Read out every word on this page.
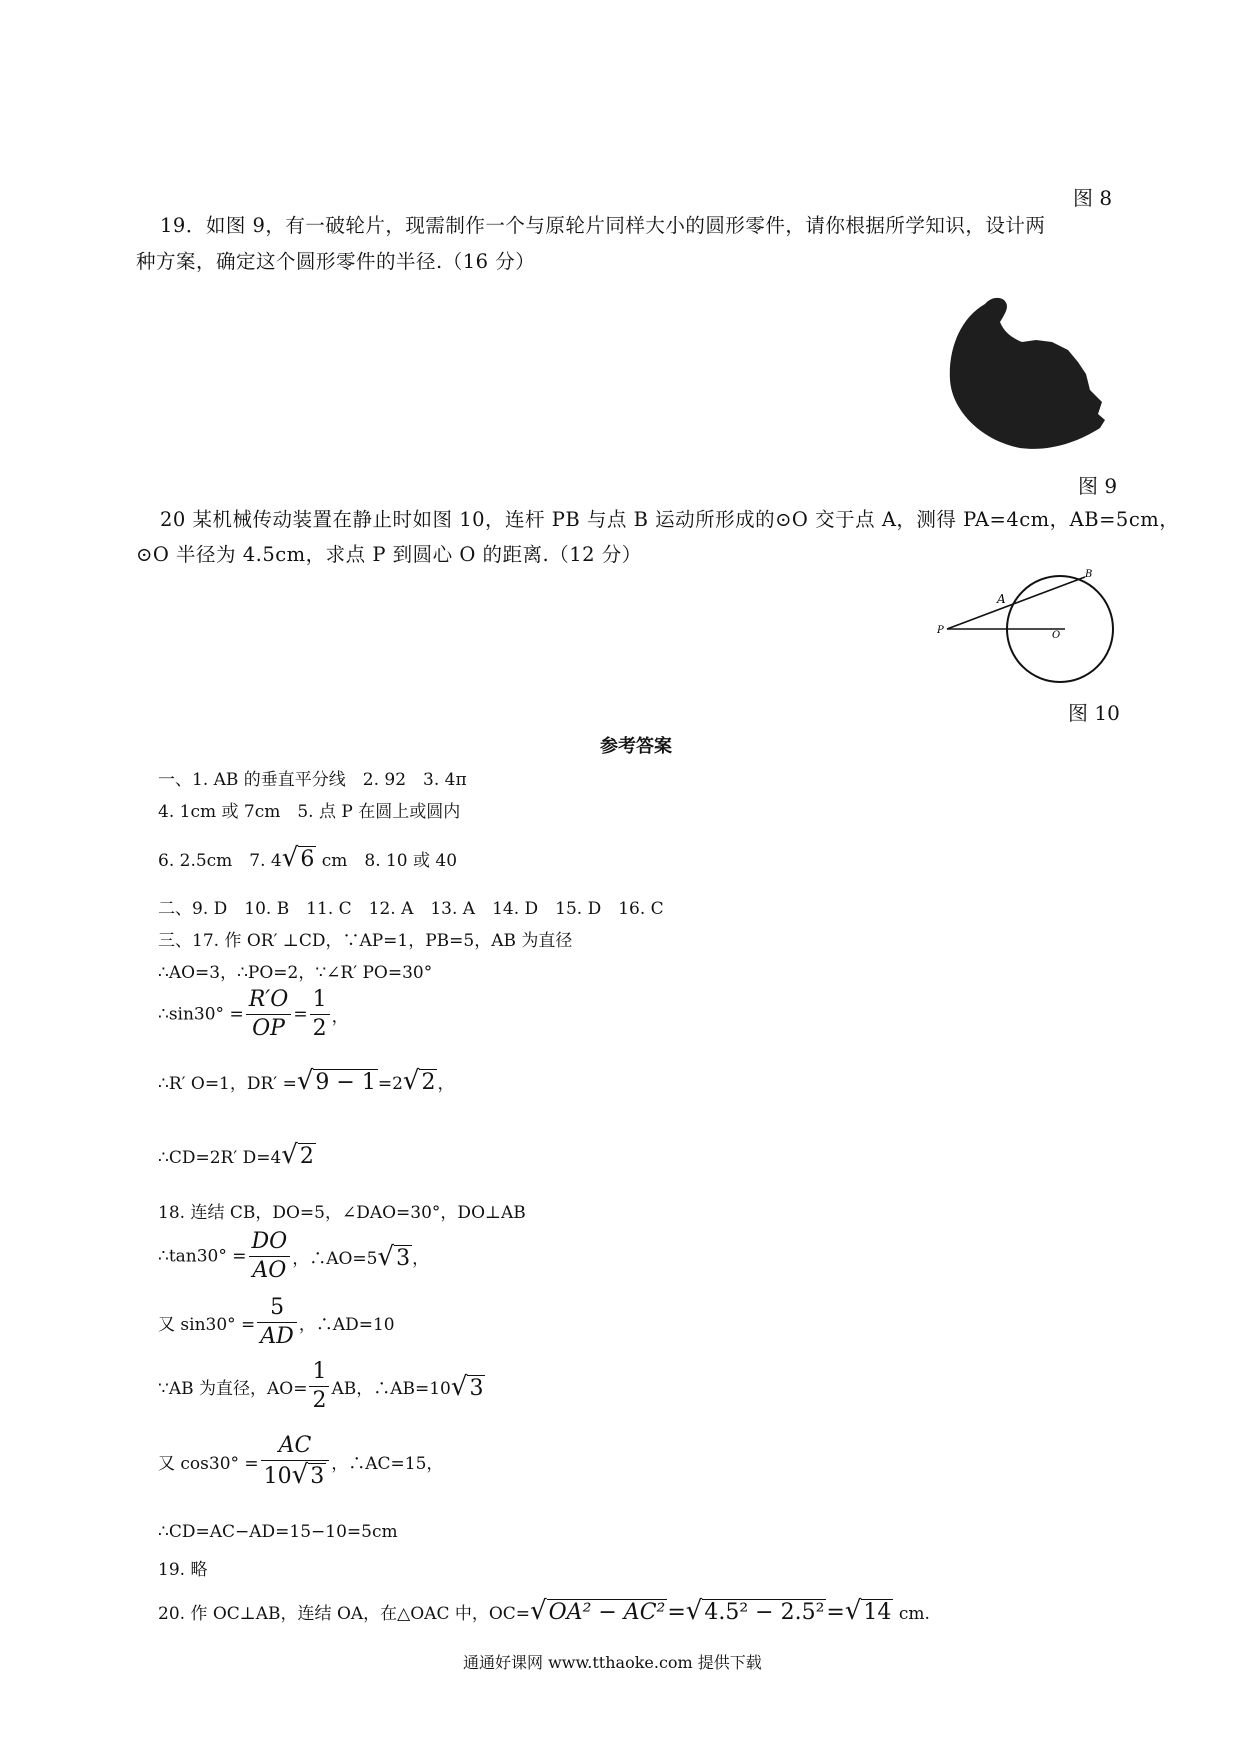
图 8
19．如图 9，有一破轮片，现需制作一个与原轮片同样大小的圆形零件，请你根据所学知识，设计两
种方案，确定这个圆形零件的半径.（16 分）
图 9
20 某机械传动装置在静止时如图 10，连杆 PB 与点 B 运动所形成的⊙O 交于点 A，测得 PA=4cm，AB=5cm，
⊙O 半径为 4.5cm，求点 P 到圆心 O 的距离.（12 分）
P
A
B
O
图 10
参考答案
一、1. AB 的垂直平分线　2. 92　3. 4π
4. 1cm 或 7cm　5. 点 P 在圆上或圆内
6. 2.5cm　7. 4√6 cm　8. 10 或 40
二、9. D　10. B　11. C　12. A　13. A　14. D　15. D　16. C
三、17. 作 OR′ ⊥CD，∵AP=1，PB=5，AB 为直径
∴AO=3，∴PO=2，∵∠R′ PO=30°
∴sin30° = $\frac{R'O}{OP} = \frac{1}{2}$ ，
∴R′ O=1，DR′ =√9 − 1 =2√2 ，
∴CD=2R′ D=4√2
18. 连结 CB，DO=5，∠DAO=30°，DO⊥AB
∴tan30° = $\frac{DO}{AO}$ ，∴AO=5√3 ，
又 $\sin 30^\circ = \frac{5}{AD}$ ，∴AD=10
∵AB 为直径，$AO= \frac{1}{2}$ AB，∴AB=10√3
又 $\cos 30^\circ = \frac{AC}{10√3}$ ，∴AC=15，
∴CD=AC−AD=15−10=5cm
19. 略
20. 作 OC⊥AB，连结 OA，在△OAC 中，OC=√OA² − AC²=√4.5² − 2.5²=√14 cm.
通通好课网 www.tthaoke.com 提供下载
